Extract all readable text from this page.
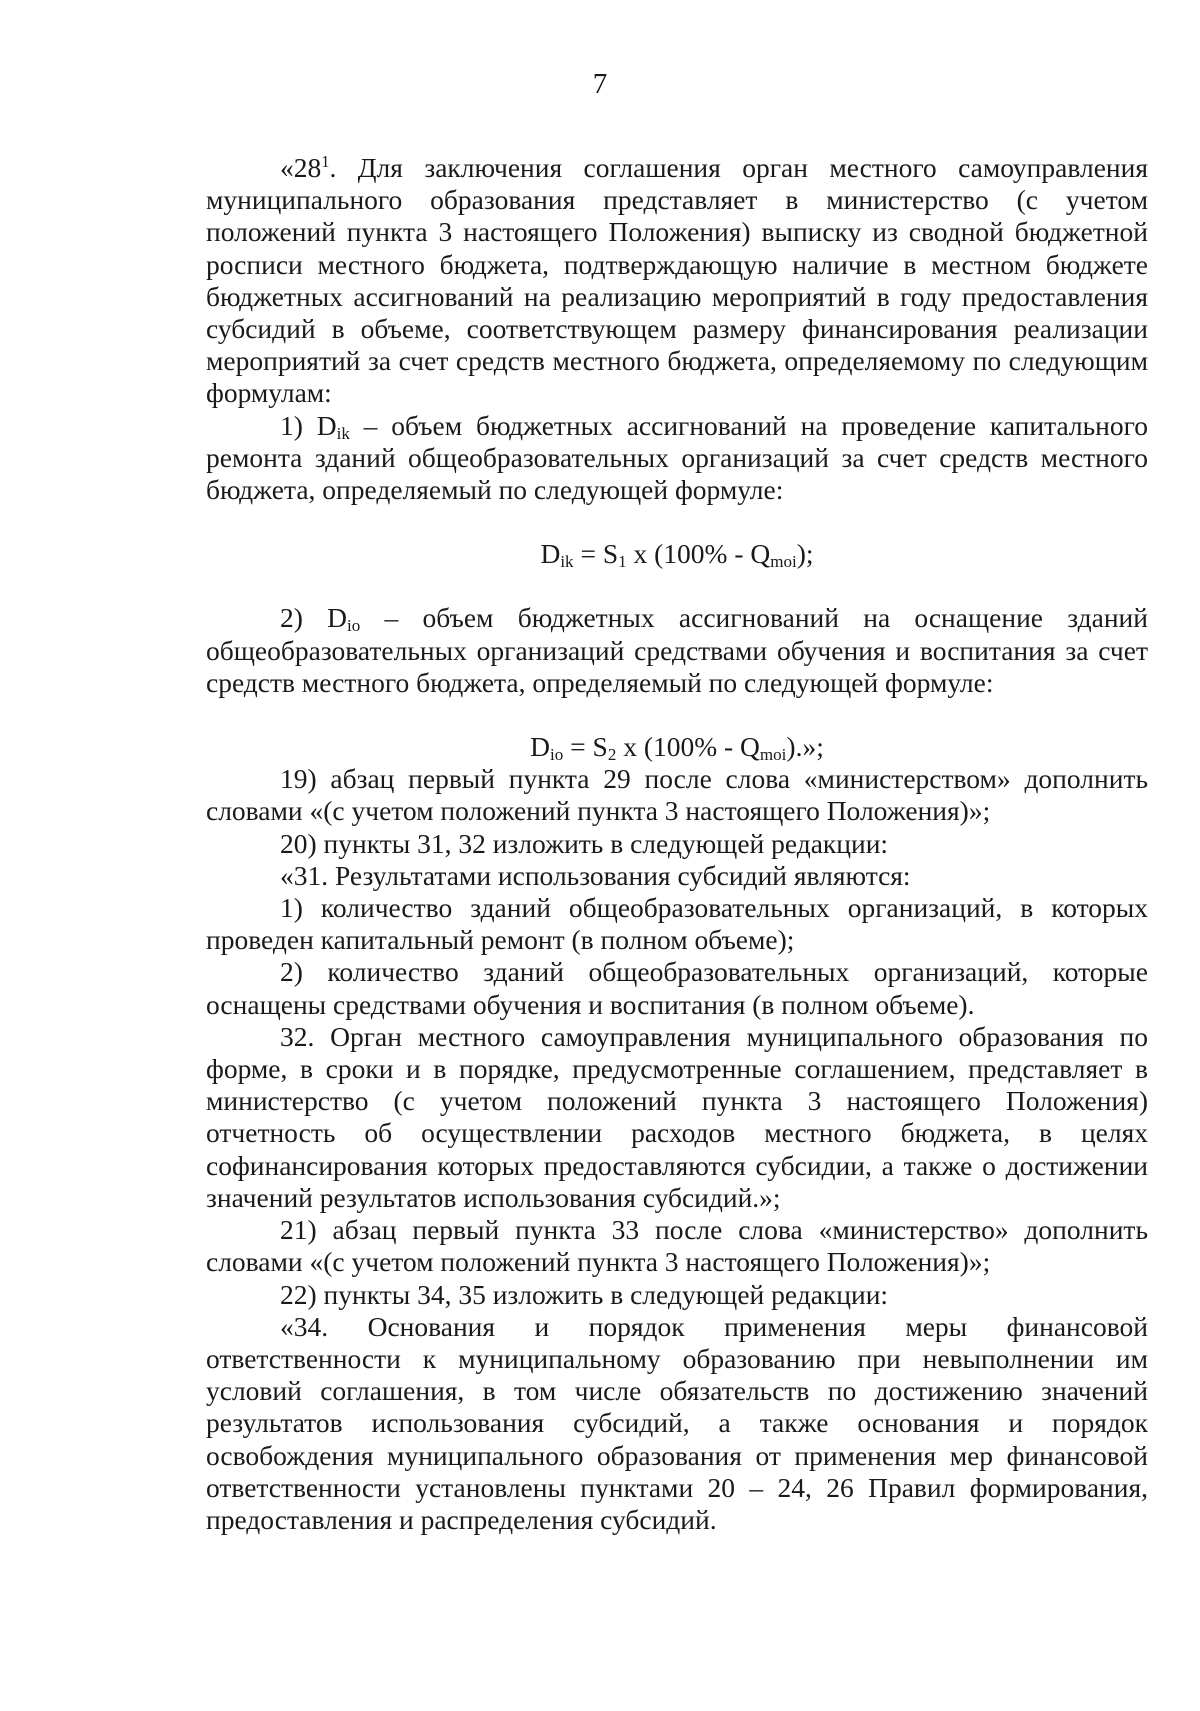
7

«$28^1$. Для заключения соглашения орган местного самоуправления муниципального образования представляет в министерство (с учетом положений пункта 3 настоящего Положения) выписку из сводной бюджетной росписи местного бюджета, подтверждающую наличие в местном бюджете бюджетных ассигнований на реализацию мероприятий в году предоставления субсидий в объеме, соответствующем размеру финансирования реализации мероприятий за счет средств местного бюджета, определяемому по следующим формулам:

1) $D_{ik}$ – объем бюджетных ассигнований на проведение капитального ремонта зданий общеобразовательных организаций за счет средств местного бюджета, определяемый по следующей формуле:

$D_{ik} = S_1$ x $(100\% - Q_{moi})$;

2) $D_{io}$ – объем бюджетных ассигнований на оснащение зданий общеобразовательных организаций средствами обучения и воспитания за счет средств местного бюджета, определяемый по следующей формуле:

$D_{io} = S_2$ x $(100\% - Q_{moi})$.»;

19) абзац первый пункта 29 после слова «министерством» дополнить словами «(с учетом положений пункта 3 настоящего Положения)»;

20) пункты 31, 32 изложить в следующей редакции:

«31. Результатами использования субсидий являются:

1) количество зданий общеобразовательных организаций, в которых проведен капитальный ремонт (в полном объеме);

2) количество зданий общеобразовательных организаций, которые оснащены средствами обучения и воспитания (в полном объеме).

32. Орган местного самоуправления муниципального образования по форме, в сроки и в порядке, предусмотренные соглашением, представляет в министерство (с учетом положений пункта 3 настоящего Положения) отчетность об осуществлении расходов местного бюджета, в целях софинансирования которых предоставляются субсидии, а также о достижении значений результатов использования субсидий.»;

21) абзац первый пункта 33 после слова «министерство» дополнить словами «(с учетом положений пункта 3 настоящего Положения)»;

22) пункты 34, 35 изложить в следующей редакции:

«34. Основания и порядок применения меры финансовой ответственности к муниципальному образованию при невыполнении им условий соглашения, в том числе обязательств по достижению значений результатов использования субсидий, а также основания и порядок освобождения муниципального образования от применения мер финансовой ответственности установлены пунктами 20 – 24, 26 Правил формирования, предоставления и распределения субсидий.
